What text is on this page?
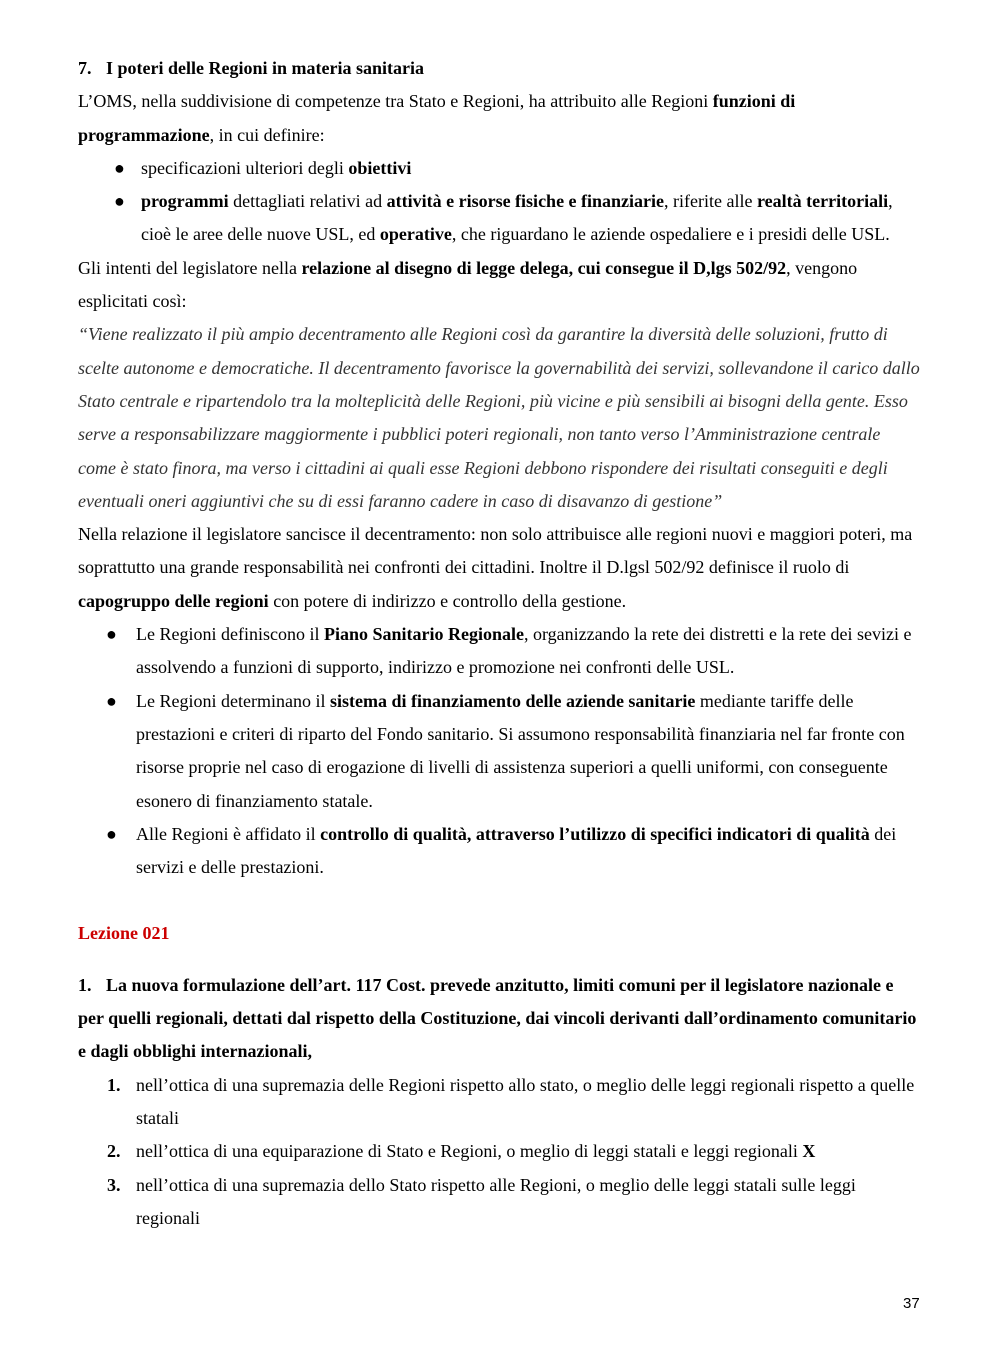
7. I poteri delle Regioni in materia sanitaria

L’OMS, nella suddivisione di competenze tra Stato e Regioni, ha attribuito alle Regioni funzioni di programmazione, in cui definire:

● specificazioni ulteriori degli obiettivi
● programmi dettagliati relativi ad attività e risorse fisiche e finanziarie, riferite alle realtà territoriali, cioè le aree delle nuove USL, ed operative, che riguardano le aziende ospedaliere e i presidi delle USL.

Gli intenti del legislatore nella relazione al disegno di legge delega, cui consegue il D,lgs 502/92, vengono esplicitati così:

“Viene realizzato il più ampio decentramento alle Regioni così da garantire la diversità delle soluzioni, frutto di scelte autonome e democratiche. Il decentramento favorisce la governabilità dei servizi, sollevandone il carico dallo Stato centrale e ripartendolo tra la molteplicità delle Regioni, più vicine e più sensibili ai bisogni della gente. Esso serve a responsabilizzare maggiormente i pubblici poteri regionali, non tanto verso l’Amministrazione centrale come è stato finora, ma verso i cittadini ai quali esse Regioni debbono rispondere dei risultati conseguiti e degli eventuali oneri aggiuntivi che su di essi faranno cadere in caso di disavanzo di gestione”

Nella relazione il legislatore sancisce il decentramento: non solo attribuisce alle regioni nuovi e maggiori poteri, ma soprattutto una grande responsabilità nei confronti dei cittadini. Inoltre il D.lgsl 502/92 definisce il ruolo di capogruppo delle regioni con potere di indirizzo e controllo della gestione.

● Le Regioni definiscono il Piano Sanitario Regionale, organizzando la rete dei distretti e la rete dei sevizi e assolvendo a funzioni di supporto, indirizzo e promozione nei confronti delle USL.
● Le Regioni determinano il sistema di finanziamento delle aziende sanitarie mediante tariffe delle prestazioni e criteri di riparto del Fondo sanitario. Si assumono responsabilità finanziaria nel far fronte con risorse proprie nel caso di erogazione di livelli di assistenza superiori a quelli uniformi, con conseguente esonero di finanziamento statale.
● Alle Regioni è affidato il controllo di qualità, attraverso l’utilizzo di specifici indicatori di qualità dei servizi e delle prestazioni.

Lezione 021

1. La nuova formulazione dell’art. 117 Cost. prevede anzitutto, limiti comuni per il legislatore nazionale e per quelli regionali, dettati dal rispetto della Costituzione, dai vincoli derivanti dall’ordinamento comunitario e dagli obblighi internazionali,

1. nell’ottica di una supremazia delle Regioni rispetto allo stato, o meglio delle leggi regionali rispetto a quelle statali
2. nell’ottica di una equiparazione di Stato e Regioni, o meglio di leggi statali e leggi regionali X
3. nell’ottica di una supremazia dello Stato rispetto alle Regioni, o meglio delle leggi statali sulle leggi regionali
37
